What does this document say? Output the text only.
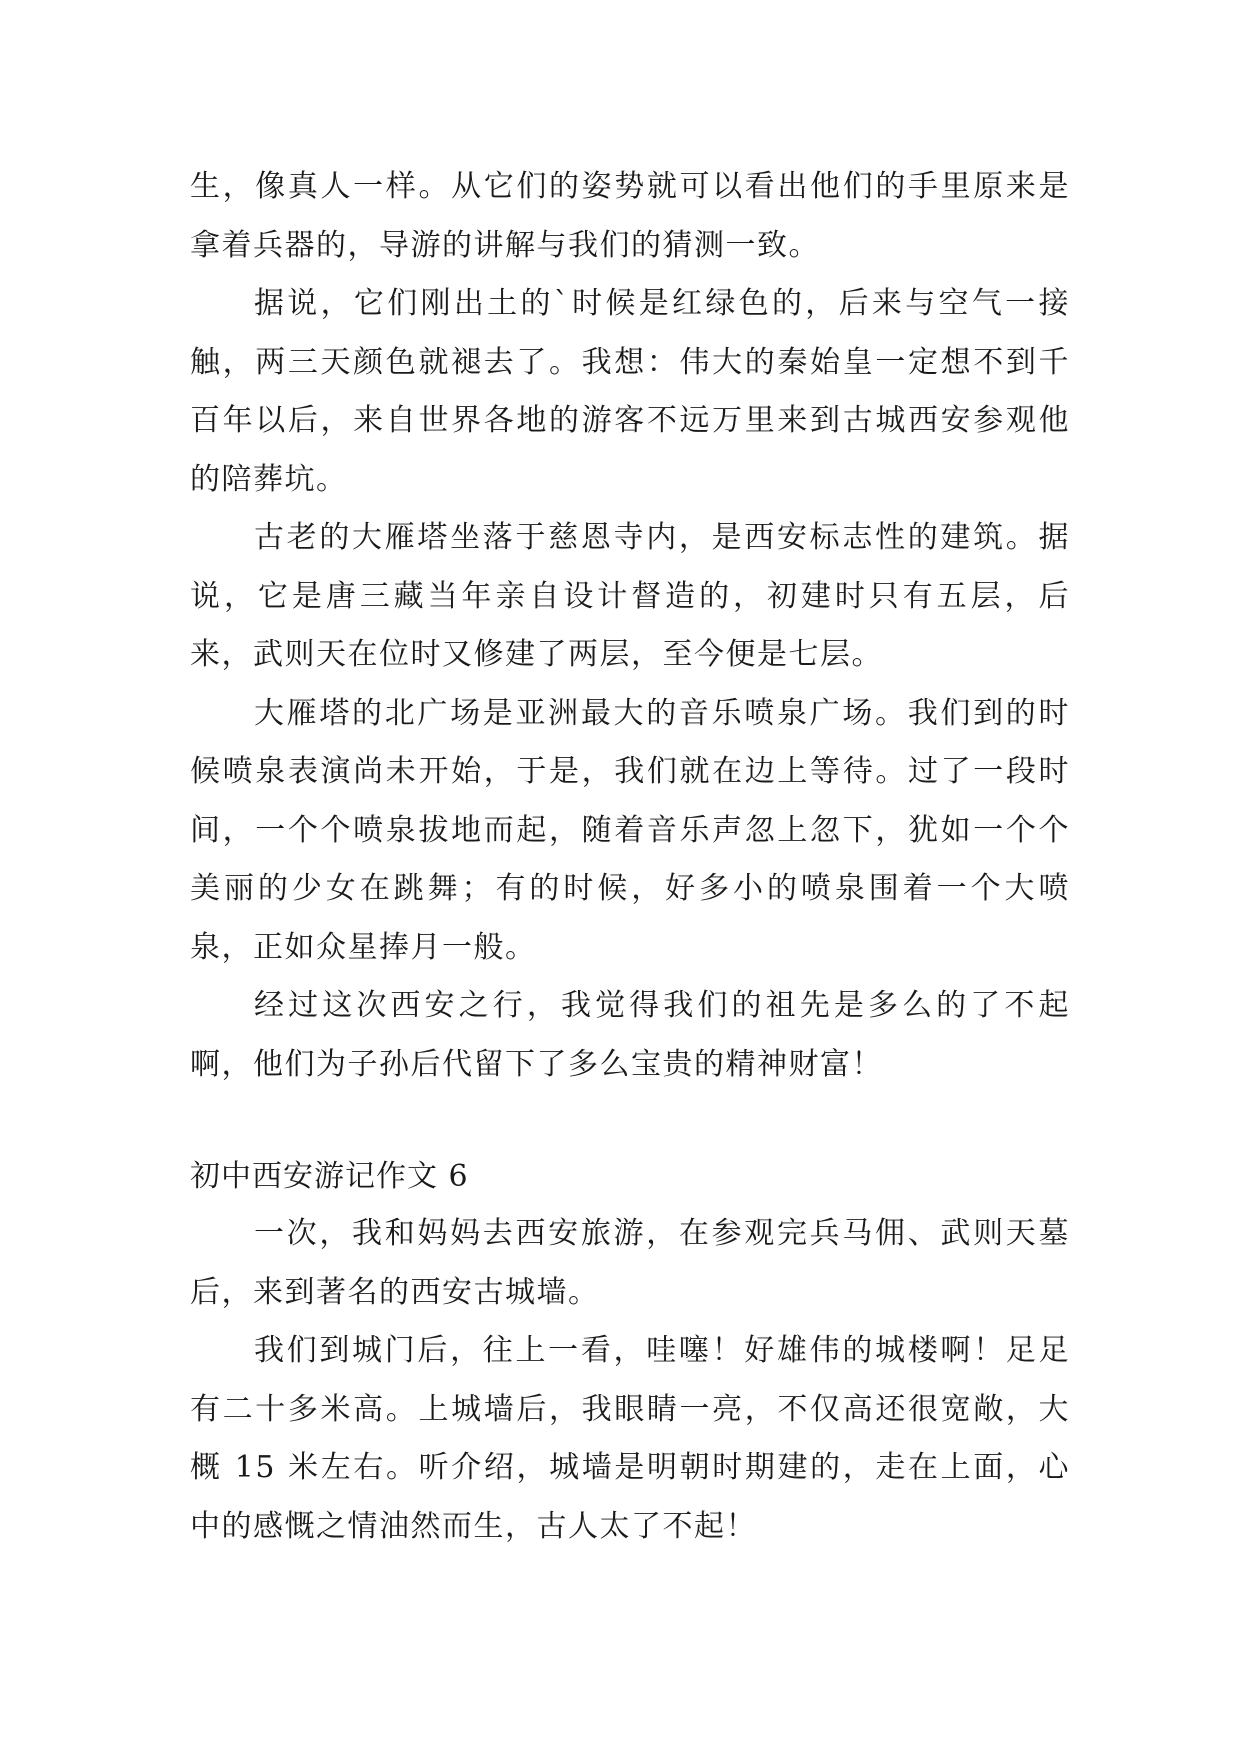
生，像真人一样。从它们的姿势就可以看出他们的手里原来是拿着兵器的，导游的讲解与我们的猜测一致。

据说，它们刚出土的`时候是红绿色的，后来与空气一接触，两三天颜色就褪去了。我想：伟大的秦始皇一定想不到千百年以后，来自世界各地的游客不远万里来到古城西安参观他的陪葬坑。

古老的大雁塔坐落于慈恩寺内，是西安标志性的建筑。据说，它是唐三藏当年亲自设计督造的，初建时只有五层，后来，武则天在位时又修建了两层，至今便是七层。

大雁塔的北广场是亚洲最大的音乐喷泉广场。我们到的时候喷泉表演尚未开始，于是，我们就在边上等待。过了一段时间，一个个喷泉拔地而起，随着音乐声忽上忽下，犹如一个个美丽的少女在跳舞；有的时候，好多小的喷泉围着一个大喷泉，正如众星捧月一般。

经过这次西安之行，我觉得我们的祖先是多么的了不起啊，他们为子孙后代留下了多么宝贵的精神财富！

初中西安游记作文 6

一次，我和妈妈去西安旅游，在参观完兵马佣、武则天墓后，来到著名的西安古城墙。

我们到城门后，往上一看，哇噻！好雄伟的城楼啊！足足有二十多米高。上城墙后，我眼睛一亮，不仅高还很宽敞，大概 15 米左右。听介绍，城墙是明朝时期建的，走在上面，心中的感慨之情油然而生，古人太了不起！
